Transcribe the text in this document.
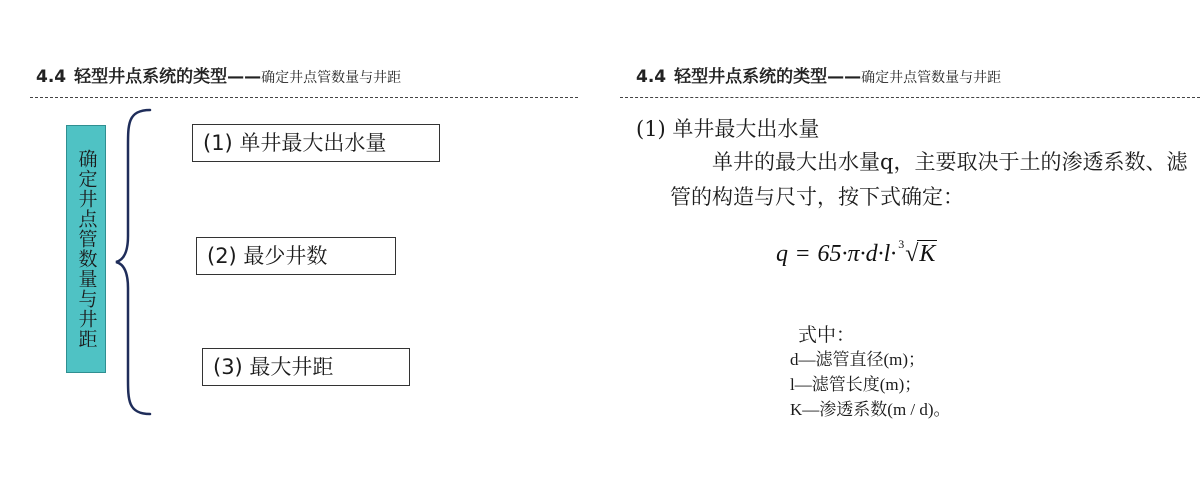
4.4 轻型井点系统的类型——确定井点管数量与井距
确定井点管数量与井距
(1) 单井最大出水量
(2) 最少井数
(3) 最大井距
4.4 轻型井点系统的类型——确定井点管数量与井距
(1) 单井最大出水量
单井的最大出水量q，主要取决于土的渗透系数、滤管的构造与尺寸，按下式确定：
q = 65·π·d·l· 3 √K
式中：
d—滤管直径(m)；
l—滤管长度(m)；
K—渗透系数(m / d)。
